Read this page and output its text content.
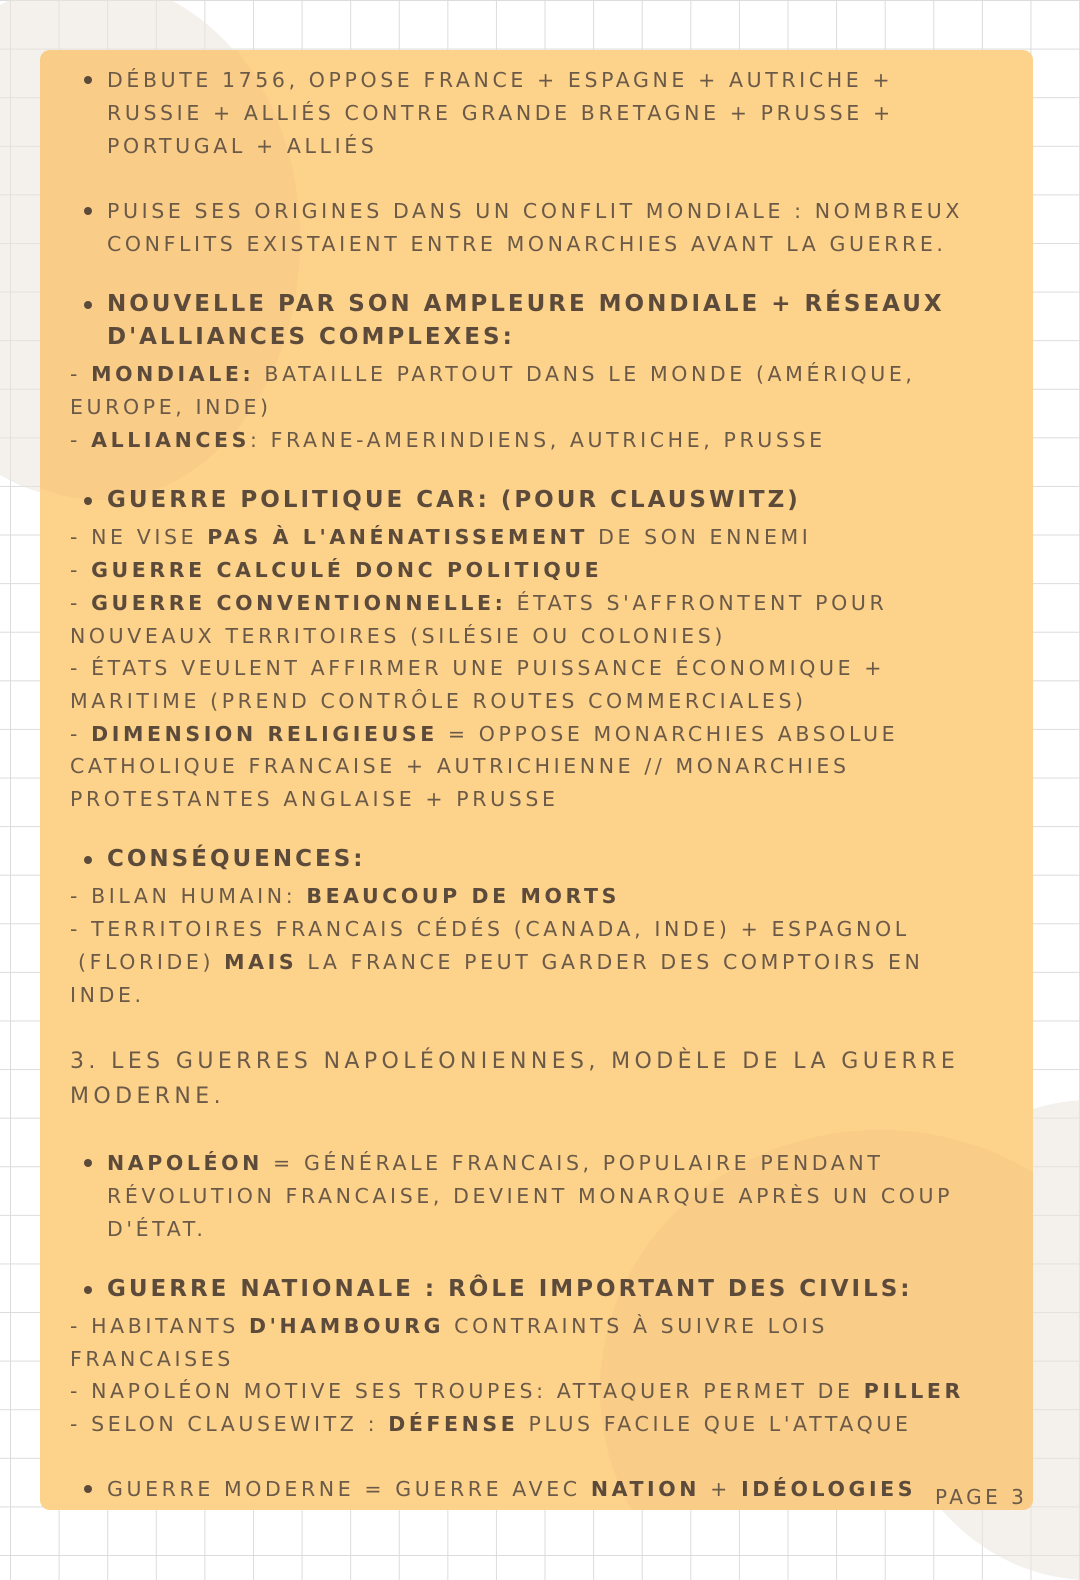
DÉBUTE 1756, OPPOSE FRANCE + ESPAGNE + AUTRICHE +

RUSSIE + ALLIÉS CONTRE GRANDE BRETAGNE + PRUSSE +

PORTUGAL + ALLIÉS

PUISE SES ORIGINES DANS UN CONFLIT MONDIALE : NOMBREUX

CONFLITS EXISTAIENT ENTRE MONARCHIES AVANT LA GUERRE.

NOUVELLE PAR SON AMPLEURE MONDIALE + RÉSEAUX

D'ALLIANCES COMPLEXES:

- MONDIALE: BATAILLE PARTOUT DANS LE MONDE (AMÉRIQUE,

EUROPE, INDE)

- ALLIANCES: FRANE-AMERINDIENS, AUTRICHE, PRUSSE

GUERRE POLITIQUE CAR: (POUR CLAUSWITZ)

- NE VISE PAS À L'ANÉNATISSEMENT DE SON ENNEMI

- GUERRE CALCULÉ DONC POLITIQUE

- GUERRE CONVENTIONNELLE: ÉTATS S'AFFRONTENT POUR

NOUVEAUX TERRITOIRES (SILÉSIE OU COLONIES)

- ÉTATS VEULENT AFFIRMER UNE PUISSANCE ÉCONOMIQUE +

MARITIME (PREND CONTRÔLE ROUTES COMMERCIALES)

- DIMENSION RELIGIEUSE = OPPOSE MONARCHIES ABSOLUE

CATHOLIQUE FRANCAISE + AUTRICHIENNE // MONARCHIES

PROTESTANTES ANGLAISE + PRUSSE

CONSÉQUENCES:

- BILAN HUMAIN: BEAUCOUP DE MORTS

- TERRITOIRES FRANCAIS CÉDÉS (CANADA, INDE) + ESPAGNOL

(FLORIDE) MAIS LA FRANCE PEUT GARDER DES COMPTOIRS EN

INDE.

3. LES GUERRES NAPOLÉONIENNES, MODÈLE DE LA GUERRE

MODERNE.

NAPOLÉON = GÉNÉRALE FRANCAIS, POPULAIRE PENDANT

RÉVOLUTION FRANCAISE, DEVIENT MONARQUE APRÈS UN COUP

D'ÉTAT.

GUERRE NATIONALE : RÔLE IMPORTANT DES CIVILS:

- HABITANTS D'HAMBOURG CONTRAINTS À SUIVRE LOIS

FRANCAISES

- NAPOLÉON MOTIVE SES TROUPES: ATTAQUER PERMET DE PILLER

- SELON CLAUSEWITZ : DÉFENSE PLUS FACILE QUE L'ATTAQUE

GUERRE MODERNE = GUERRE AVEC NATION + IDÉOLOGIES PAGE 3
